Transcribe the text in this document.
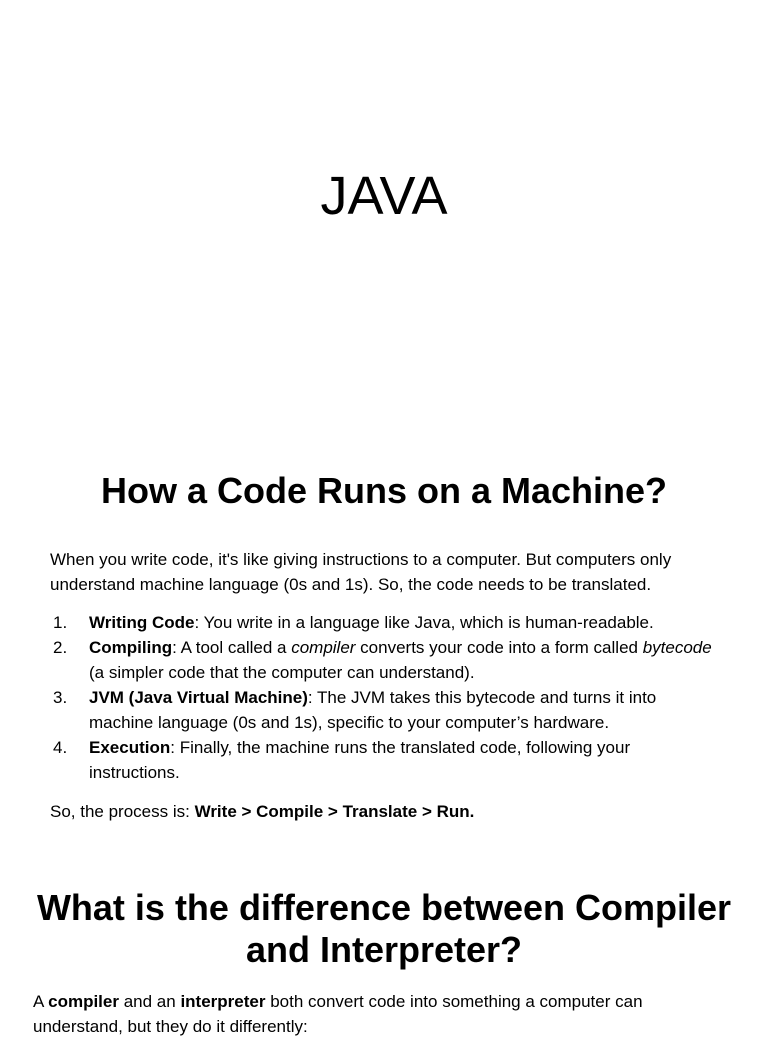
JAVA
How a Code Runs on a Machine?

When you write code, it's like giving instructions to a computer. But computers only understand machine language (0s and 1s). So, the code needs to be translated.

1. Writing Code: You write in a language like Java, which is human-readable.
2. Compiling: A tool called a compiler converts your code into a form called bytecode (a simpler code that the computer can understand).
3. JVM (Java Virtual Machine): The JVM takes this bytecode and turns it into machine language (0s and 1s), specific to your computer’s hardware.
4. Execution: Finally, the machine runs the translated code, following your instructions.

So, the process is: Write > Compile > Translate > Run.

What is the difference between Compiler and Interpreter?

A compiler and an interpreter both convert code into something a computer can understand, but they do it differently:
